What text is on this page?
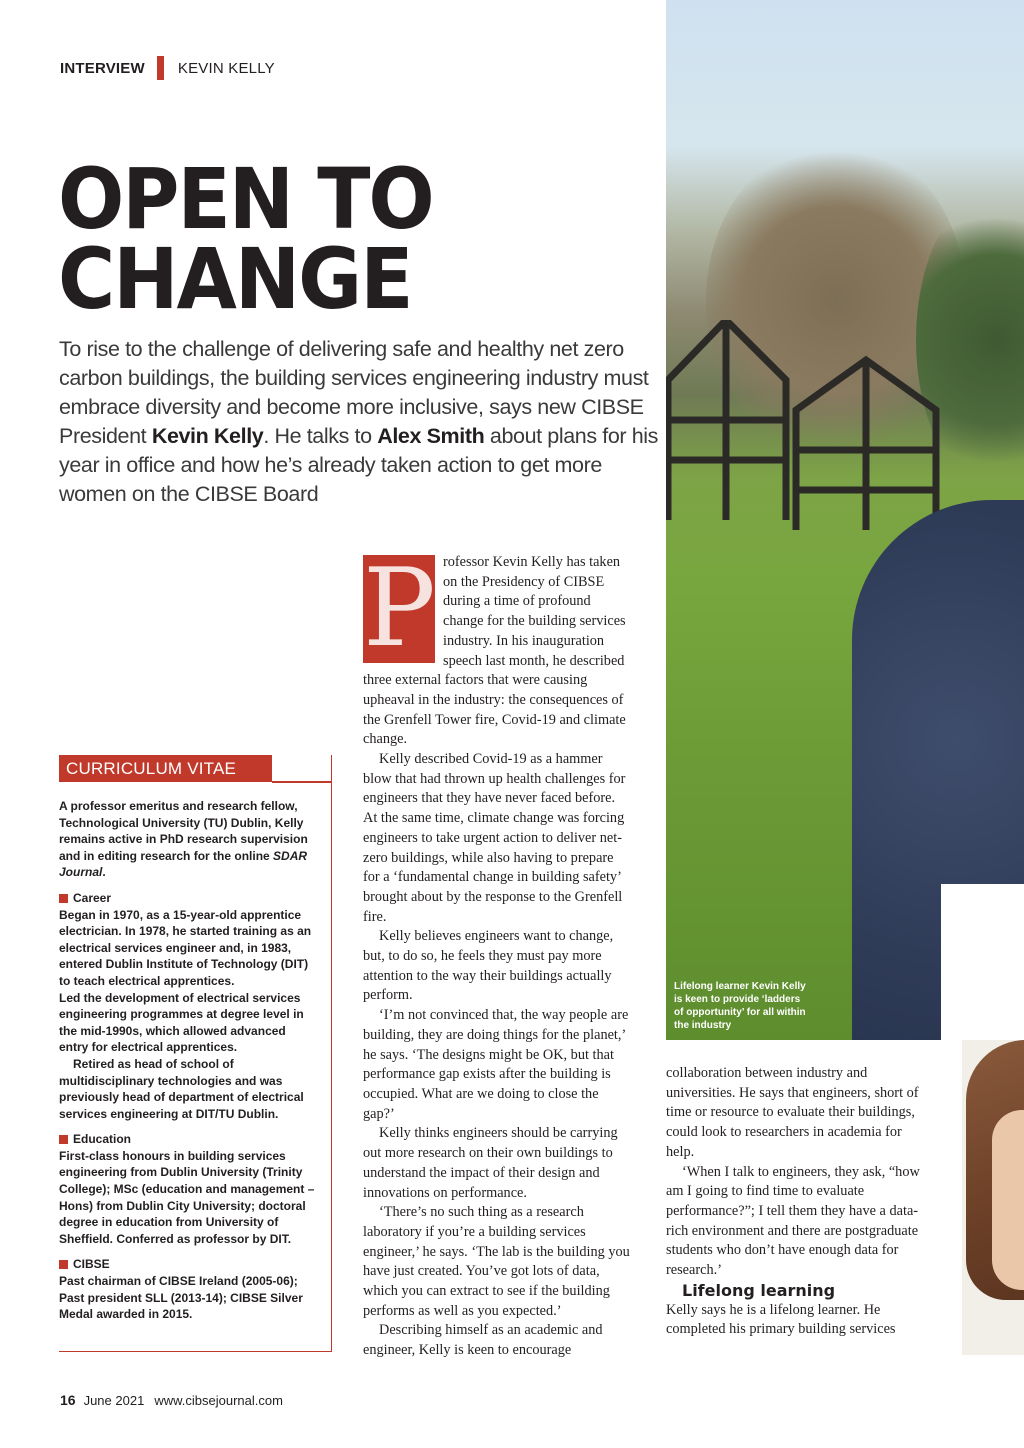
INTERVIEW KEVIN KELLY
OPEN TO
CHANGE

To rise to the challenge of delivering safe and healthy net zero carbon buildings, the building services engineering industry must embrace diversity and become more inclusive, says new CIBSE President Kevin Kelly. He talks to Alex Smith about plans for his year in office and how he’s already taken action to get more women on the CIBSE Board

Lifelong learner Kevin Kelly is keen to provide ‘ladders of opportunity’ for all within the industry
CURRICULUM VITAE

A professor emeritus and research fellow, Technological University (TU) Dublin, Kelly remains active in PhD research supervision and in editing research for the online SDAR Journal.

Career

Began in 1970, as a 15-year-old apprentice electrician. In 1978, he started training as an electrical services engineer and, in 1983, entered Dublin Institute of Technology (DIT) to teach electrical apprentices.

Led the development of electrical services engineering programmes at degree level in the mid-1990s, which allowed advanced entry for electrical apprentices.

Retired as head of school of multidisciplinary technologies and was previously head of department of electrical services engineering at DIT/TU Dublin.

Education

First-class honours in building services engineering from Dublin University (Trinity College); MSc (education and management – Hons) from Dublin City University; doctoral degree in education from University of Sheffield. Conferred as professor by DIT.

CIBSE

Past chairman of CIBSE Ireland (2005-06); Past president SLL (2013-14); CIBSE Silver Medal awarded in 2015.

P rofessor Kevin Kelly has taken on the Presidency of CIBSE during a time of profound change for the building services industry. In his inauguration speech last month, he described three external factors that were causing upheaval in the industry: the consequences of the Grenfell Tower fire, Covid-19 and climate change.

Kelly described Covid-19 as a hammer blow that had thrown up health challenges for engineers that they have never faced before. At the same time, climate change was forcing engineers to take urgent action to deliver net-zero buildings, while also having to prepare for a ‘fundamental change in building safety’ brought about by the response to the Grenfell fire.

Kelly believes engineers want to change, but, to do so, he feels they must pay more attention to the way their buildings actually perform.

‘I’m not convinced that, the way people are building, they are doing things for the planet,’ he says. ‘The designs might be OK, but that performance gap exists after the building is occupied. What are we doing to close the gap?’

Kelly thinks engineers should be carrying out more research on their own buildings to understand the impact of their design and innovations on performance.

‘There’s no such thing as a research laboratory if you’re a building services engineer,’ he says. ‘The lab is the building you have just created. You’ve got lots of data, which you can extract to see if the building performs as well as you expected.’

Describing himself as an academic and engineer, Kelly is keen to encourage

collaboration between industry and universities. He says that engineers, short of time or resource to evaluate their buildings, could look to researchers in academia for help.

‘When I talk to engineers, they ask, “how am I going to find time to evaluate performance?”; I tell them they have a data-rich environment and there are postgraduate students who don’t have enough data for research.’

Lifelong learning

Kelly says he is a lifelong learner. He completed his primary building services

16 June 2021 www.cibsejournal.com
